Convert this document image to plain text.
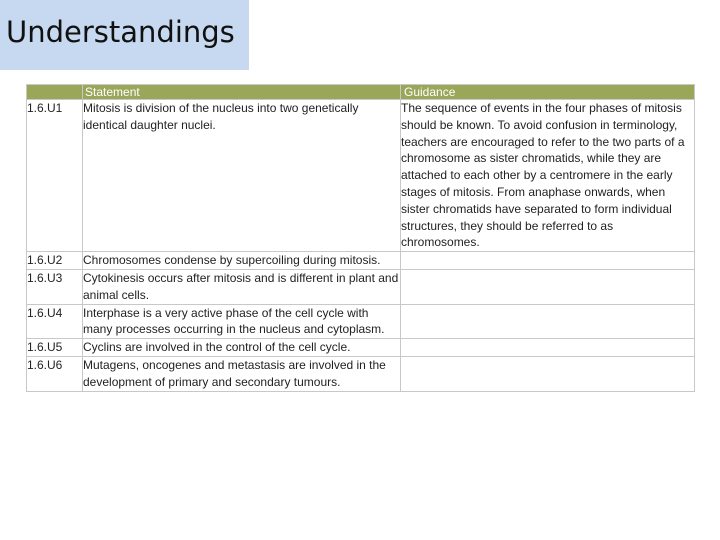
Understandings
	Statement	Guidance
1.6.U1	Mitosis is division of the nucleus into two genetically identical daughter nuclei.	The sequence of events in the four phases of mitosis should be known. To avoid confusion in terminology, teachers are encouraged to refer to the two parts of a chromosome as sister chromatids, while they are attached to each other by a centromere in the early stages of mitosis. From anaphase onwards, when sister chromatids have separated to form individual structures, they should be referred to as chromosomes.
1.6.U2	Chromosomes condense by supercoiling during mitosis.	
1.6.U3	Cytokinesis occurs after mitosis and is different in plant and animal cells.	
1.6.U4	Interphase is a very active phase of the cell cycle with many processes occurring in the nucleus and cytoplasm.	
1.6.U5	Cyclins are involved in the control of the cell cycle.	
1.6.U6	Mutagens, oncogenes and metastasis are involved in the development of primary and secondary tumours.	
